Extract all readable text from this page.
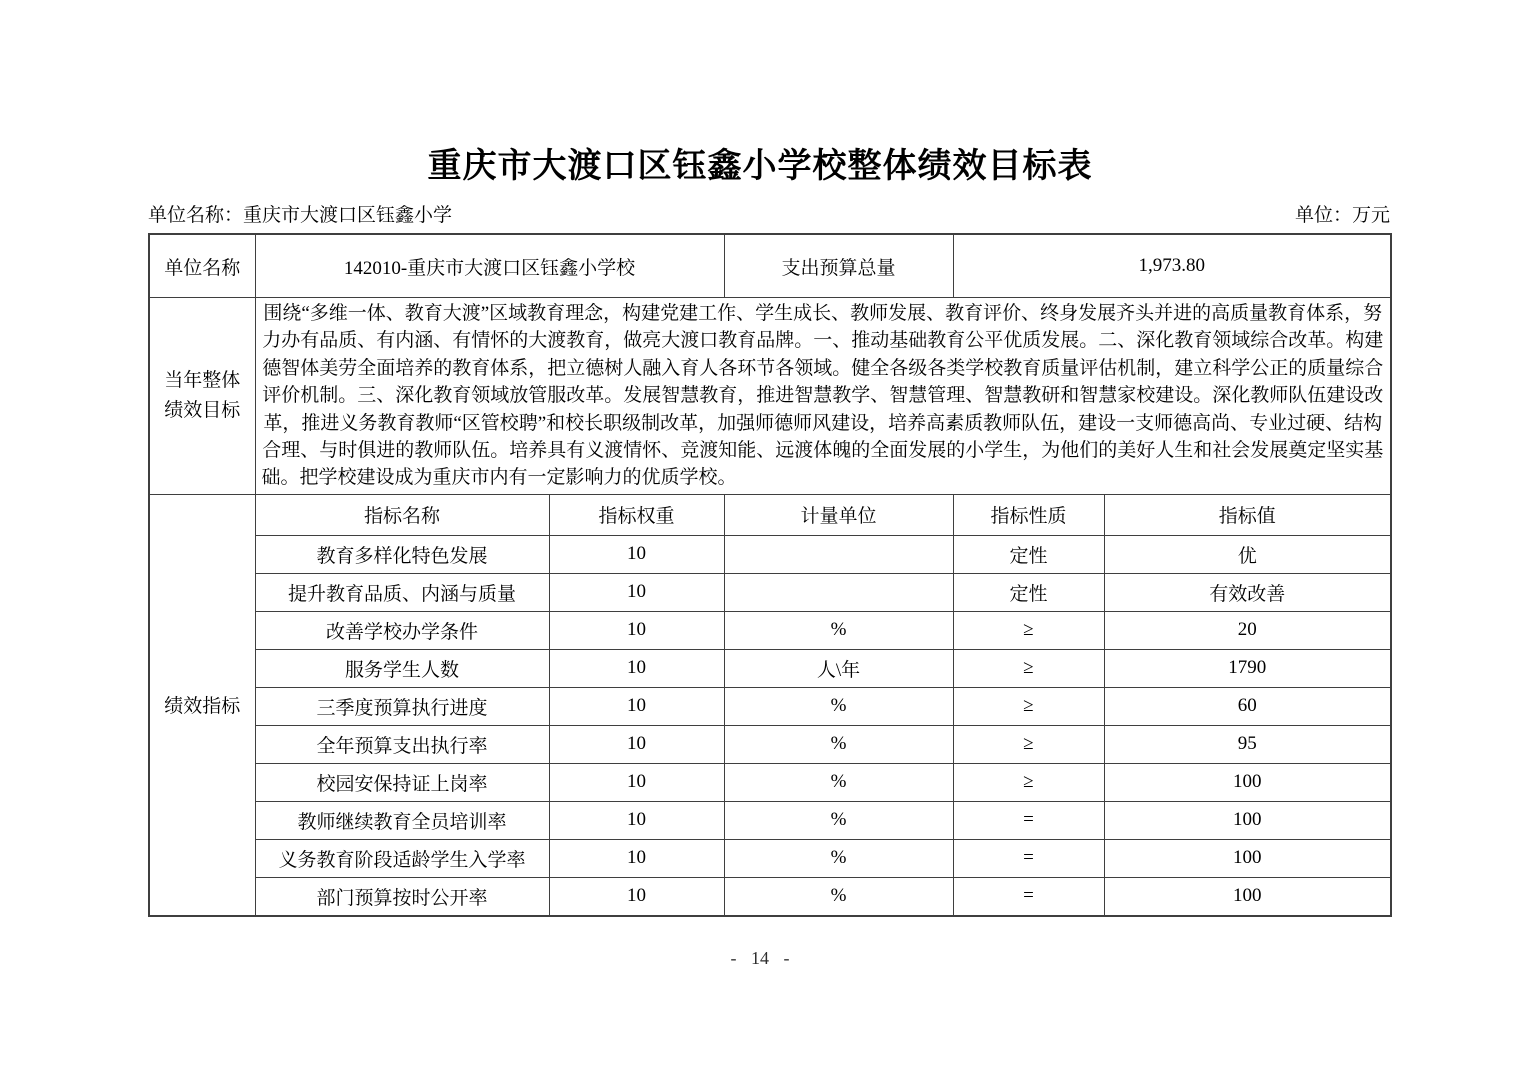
重庆市大渡口区钰鑫小学校整体绩效目标表
单位名称：重庆市大渡口区钰鑫小学	单位：万元
单位名称	142010-重庆市大渡口区钰鑫小学校		支出预算总量	1,973.80	
当年整体绩效目标	围绕“多维一体、教育大渡”区域教育理念，构建党建工作、学生成长、教师发展、教育评价、终身发展齐头并进的高质量教育体系，努力办有品质、有内涵、有情怀的大渡教育，做亮大渡口教育品牌。一、推动基础教育公平优质发展。二、深化教育领域综合改革。构建德智体美劳全面培养的教育体系，把立德树人融入育人各环节各领域。健全各级各类学校教育质量评估机制，建立科学公正的质量综合评价机制。三、深化教育领域放管服改革。发展智慧教育，推进智慧教学、智慧管理、智慧教研和智慧家校建设。深化教师队伍建设改革，推进义务教育教师“区管校聘”和校长职级制改革，加强师德师风建设，培养高素质教师队伍，建设一支师德高尚、专业过硬、结构合理、与时俱进的教师队伍。培养具有义渡情怀、竞渡知能、远渡体魄的全面发展的小学生，为他们的美好人生和社会发展奠定坚实基础。把学校建设成为重庆市内有一定影响力的优质学校。				
绩效指标	指标名称	指标权重	计量单位	指标性质	指标值
	教育多样化特色发展	10		定性	优
	提升教育品质、内涵与质量	10		定性	有效改善
	改善学校办学条件	10	%	≥	20
	服务学生人数	10	人\年	≥	1790
	三季度预算执行进度	10	%	≥	60
	全年预算支出执行率	10	%	≥	95
	校园安保持证上岗率	10	%	≥	100
	教师继续教育全员培训率	10	%	=	100
	义务教育阶段适龄学生入学率	10	%	=	100
	部门预算按时公开率	10	%	=	100
- 14 -
